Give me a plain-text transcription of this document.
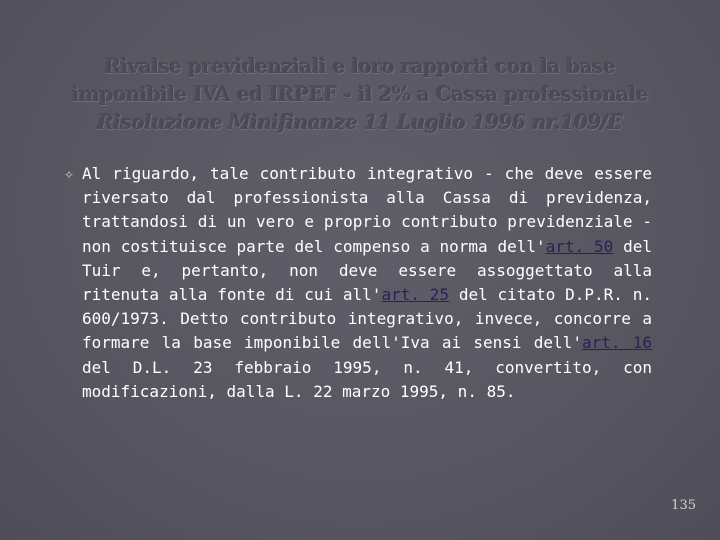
Rivalse previdenziali e loro rapporti con la base
imponibile IVA ed IRPEF - il 2% a Cassa professionale
Risoluzione Minifinanze 11 Luglio 1996 nr.109/E
✧ Al riguardo, tale contributo integrativo - che deve essere riversato dal professionista alla Cassa di previdenza, trattandosi di un vero e proprio contributo previdenziale - non costituisce parte del compenso a norma dell'art. 50 del Tuir e, pertanto, non deve essere assoggettato alla ritenuta alla fonte di cui all'art. 25 del citato D.P.R. n. 600/1973. Detto contributo integrativo, invece, concorre a formare la base imponibile dell'Iva ai sensi dell'art. 16 del D.L. 23 febbraio 1995, n. 41, convertito, con modificazioni, dalla L. 22 marzo 1995, n. 85.
135
